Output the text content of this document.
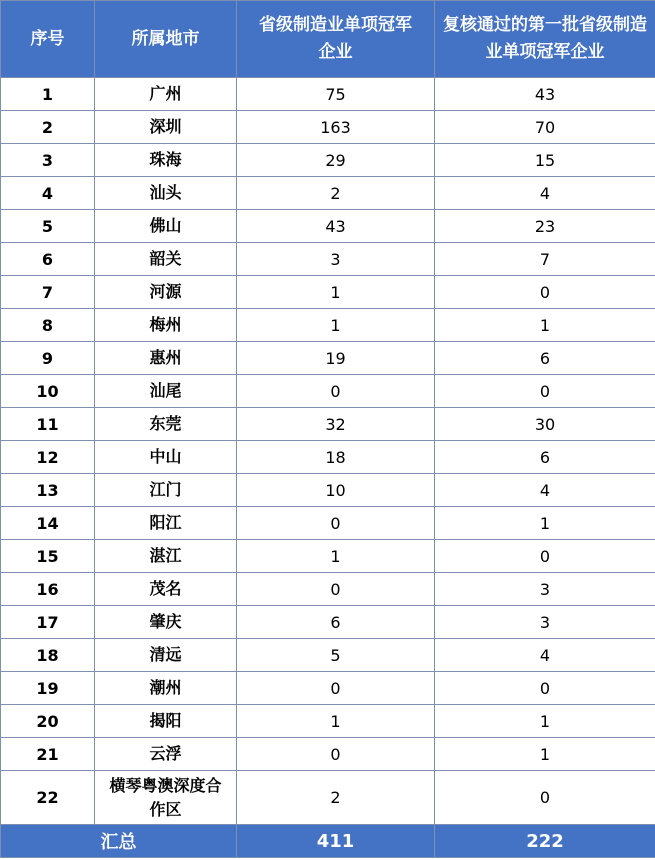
序号	所属地市	省级制造业单项冠军企业	复核通过的第一批省级制造业单项冠军企业
1	广州	75	43
2	深圳	163	70
3	珠海	29	15
4	汕头	2	4
5	佛山	43	23
6	韶关	3	7
7	河源	1	0
8	梅州	1	1
9	惠州	19	6
10	汕尾	0	0
11	东莞	32	30
12	中山	18	6
13	江门	10	4
14	阳江	0	1
15	湛江	1	0
16	茂名	0	3
17	肇庆	6	3
18	清远	5	4
19	潮州	0	0
20	揭阳	1	1
21	云浮	0	1
22	横琴粤澳深度合作区	2	0
汇总		411	222
